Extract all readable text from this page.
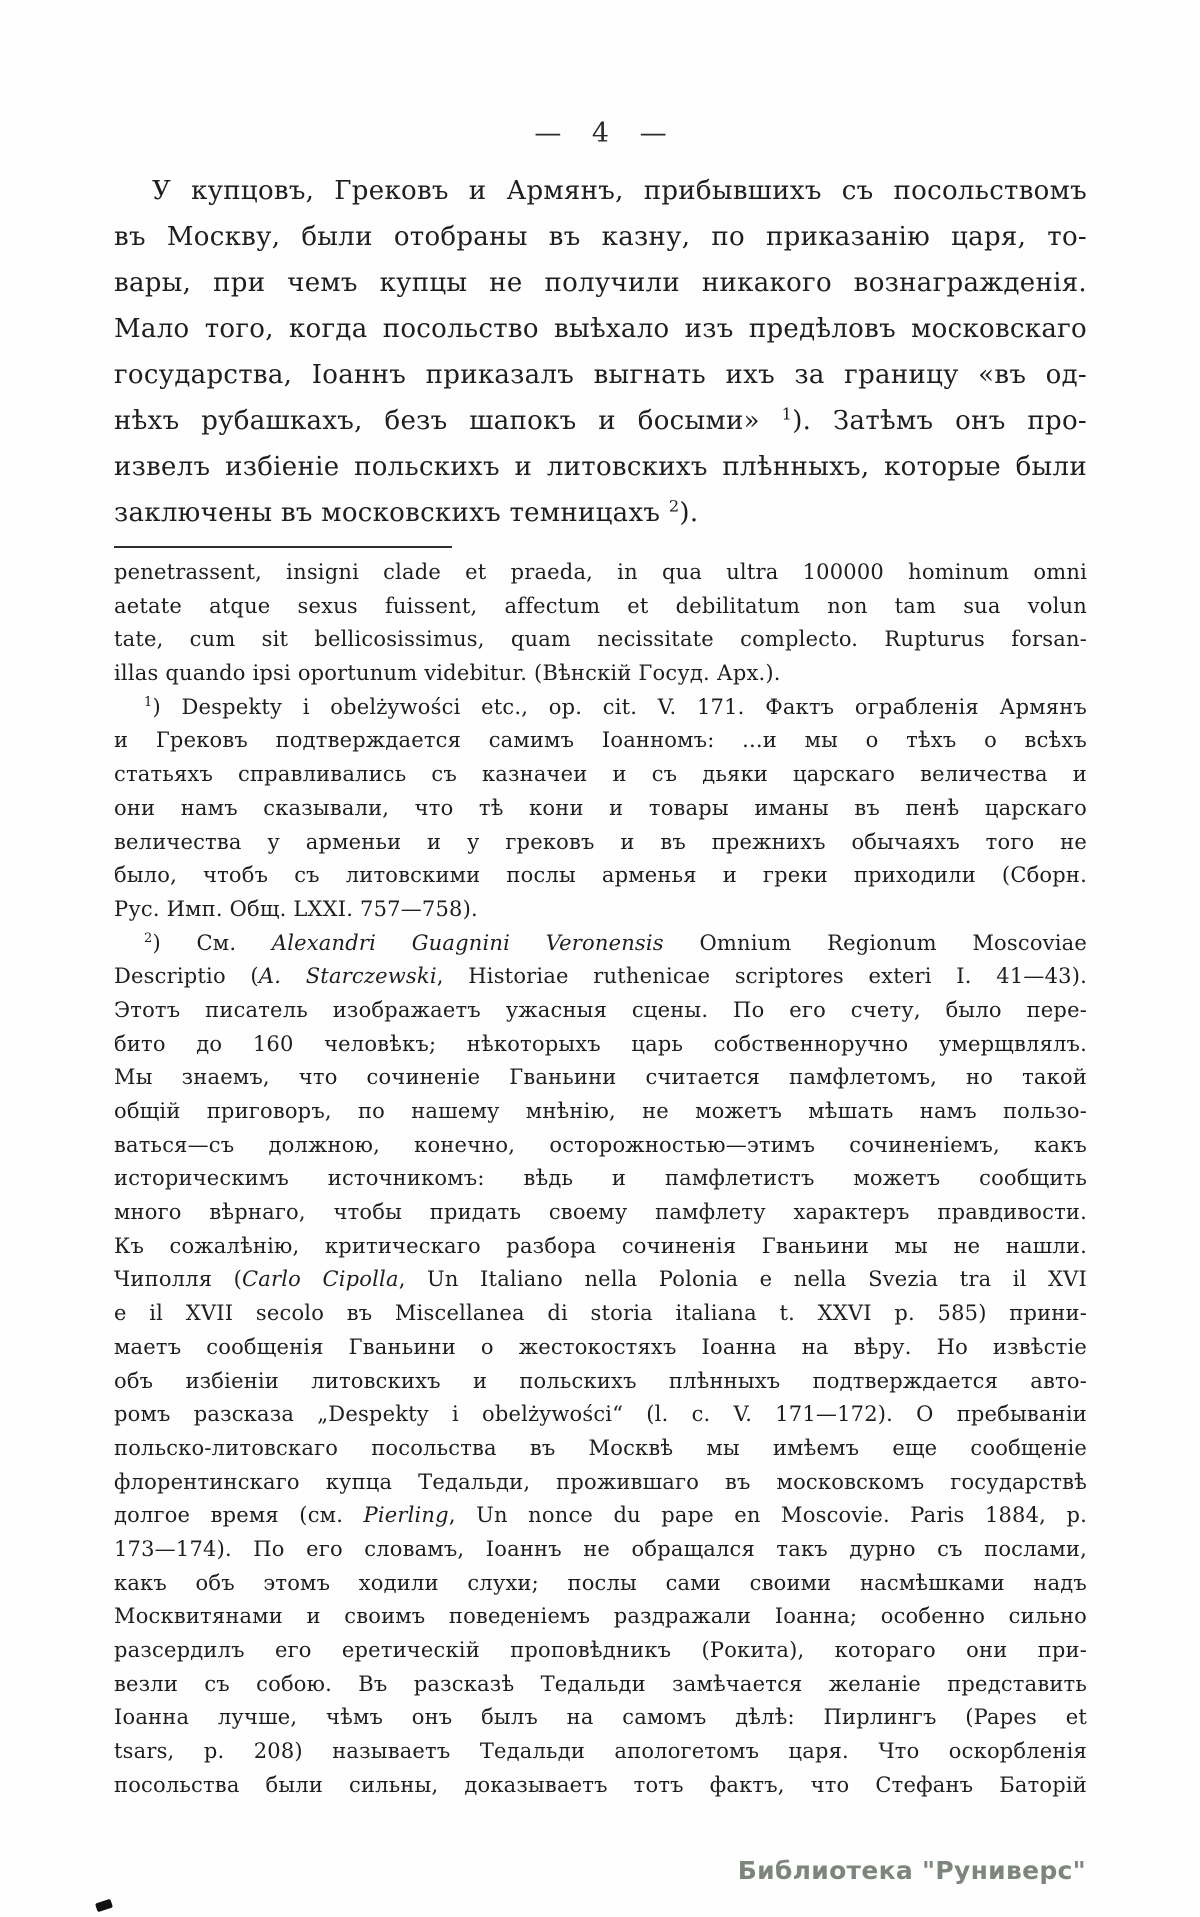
— 4 —
У купцовъ, Грековъ и Армянъ, прибывшихъ съ посольствомъ
въ Москву, были отобраны въ казну, по приказанію царя, то-
вары, при чемъ купцы не получили никакого вознагражденія.
Мало того, когда посольство выѣхало изъ предѣловъ московскаго
государства, Іоаннъ приказалъ выгнать ихъ за границу «въ од-
нѣхъ рубашкахъ, безъ шапокъ и босыми» $^1$). Затѣмъ онъ про-
извелъ избіеніе польскихъ и литовскихъ плѣнныхъ, которые были
заключены въ московскихъ темницахъ $^2$).
penetrassent, insigni clade et praeda, in qua ultra 100000 hominum omni
aetate atque sexus fuissent, affectum et debilitatum non tam sua volun
tate, cum sit bellicosissimus, quam necissitate complecto. Rupturus forsan-
illas quando ipsi oportunum videbitur. (Вѣнскій Госуд. Арх.).
$^1$) Despekty i obelżywości etc., op. cit. V. 171. Фактъ ограбленія Армянъ
и Грековъ подтверждается самимъ Іоанномъ: ...и мы о тѣхъ о всѣхъ
статьяхъ справливались съ казначеи и съ дьяки царскаго величества и
они намъ сказывали, что тѣ кони и товары иманы въ пенѣ царскаго
величества у арменьи и у грековъ и въ прежнихъ обычаяхъ того не
было, чтобъ съ литовскими послы арменья и греки приходили (Сборн.
Рус. Имп. Общ. LXXI. 757—758).
$^2$) См. Alexandri Guagnini Veronensis Omnium Regionum Moscoviae
Descriptio (A. Starczewski, Historiae ruthenicae scriptores exteri I. 41—43).
Этотъ писатель изображаетъ ужасныя сцены. По его счету, было пере-
бито до 160 человѣкъ; нѣкоторыхъ царь собственноручно умерщвлялъ.
Мы знаемъ, что сочиненіе Гваньини считается памфлетомъ, но такой
общій приговоръ, по нашему мнѣнію, не можетъ мѣшать намъ пользо-
ваться—съ должною, конечно, осторожностью—этимъ сочиненіемъ, какъ
историческимъ источникомъ: вѣдь и памфлетистъ можетъ сообщить
много вѣрнаго, чтобы придать своему памфлету характеръ правдивости.
Къ сожалѣнію, критическаго разбора сочиненія Гваньини мы не нашли.
Чиполля (Carlo Cipolla, Un Italiano nella Polonia e nella Svezia tra il XVI
e il XVII secolo въ Miscellanea di storia italiana t. XXVI p. 585) прини-
маетъ сообщенія Гваньини о жестокостяхъ Іоанна на вѣру. Но извѣстіе
объ избіеніи литовскихъ и польскихъ плѣнныхъ подтверждается авто-
ромъ разсказа „Despekty i obelżywości“ (l. c. V. 171—172). О пребываніи
польско-литовскаго посольства въ Москвѣ мы имѣемъ еще сообщеніе
флорентинскаго купца Тедальди, прожившаго въ московскомъ государствѣ
долгое время (см. Pierling, Un nonce du pape en Moscovie. Paris 1884, p.
173—174). По его словамъ, Іоаннъ не обращался такъ дурно съ послами,
какъ объ этомъ ходили слухи; послы сами своими насмѣшками надъ
Москвитянами и своимъ поведеніемъ раздражали Іоанна; особенно сильно
разсердилъ его еретическій проповѣдникъ (Рокита), котораго они при-
везли съ собою. Въ разсказѣ Тедальди замѣчается желаніе представить
Іоанна лучше, чѣмъ онъ былъ на самомъ дѣлѣ: Пирлингъ (Papes et
tsars, p. 208) называетъ Тедальди апологетомъ царя. Что оскорбленія
посольства были сильны, доказываетъ тотъ фактъ, что Стефанъ Баторій
Библиотека "Руниверс"
